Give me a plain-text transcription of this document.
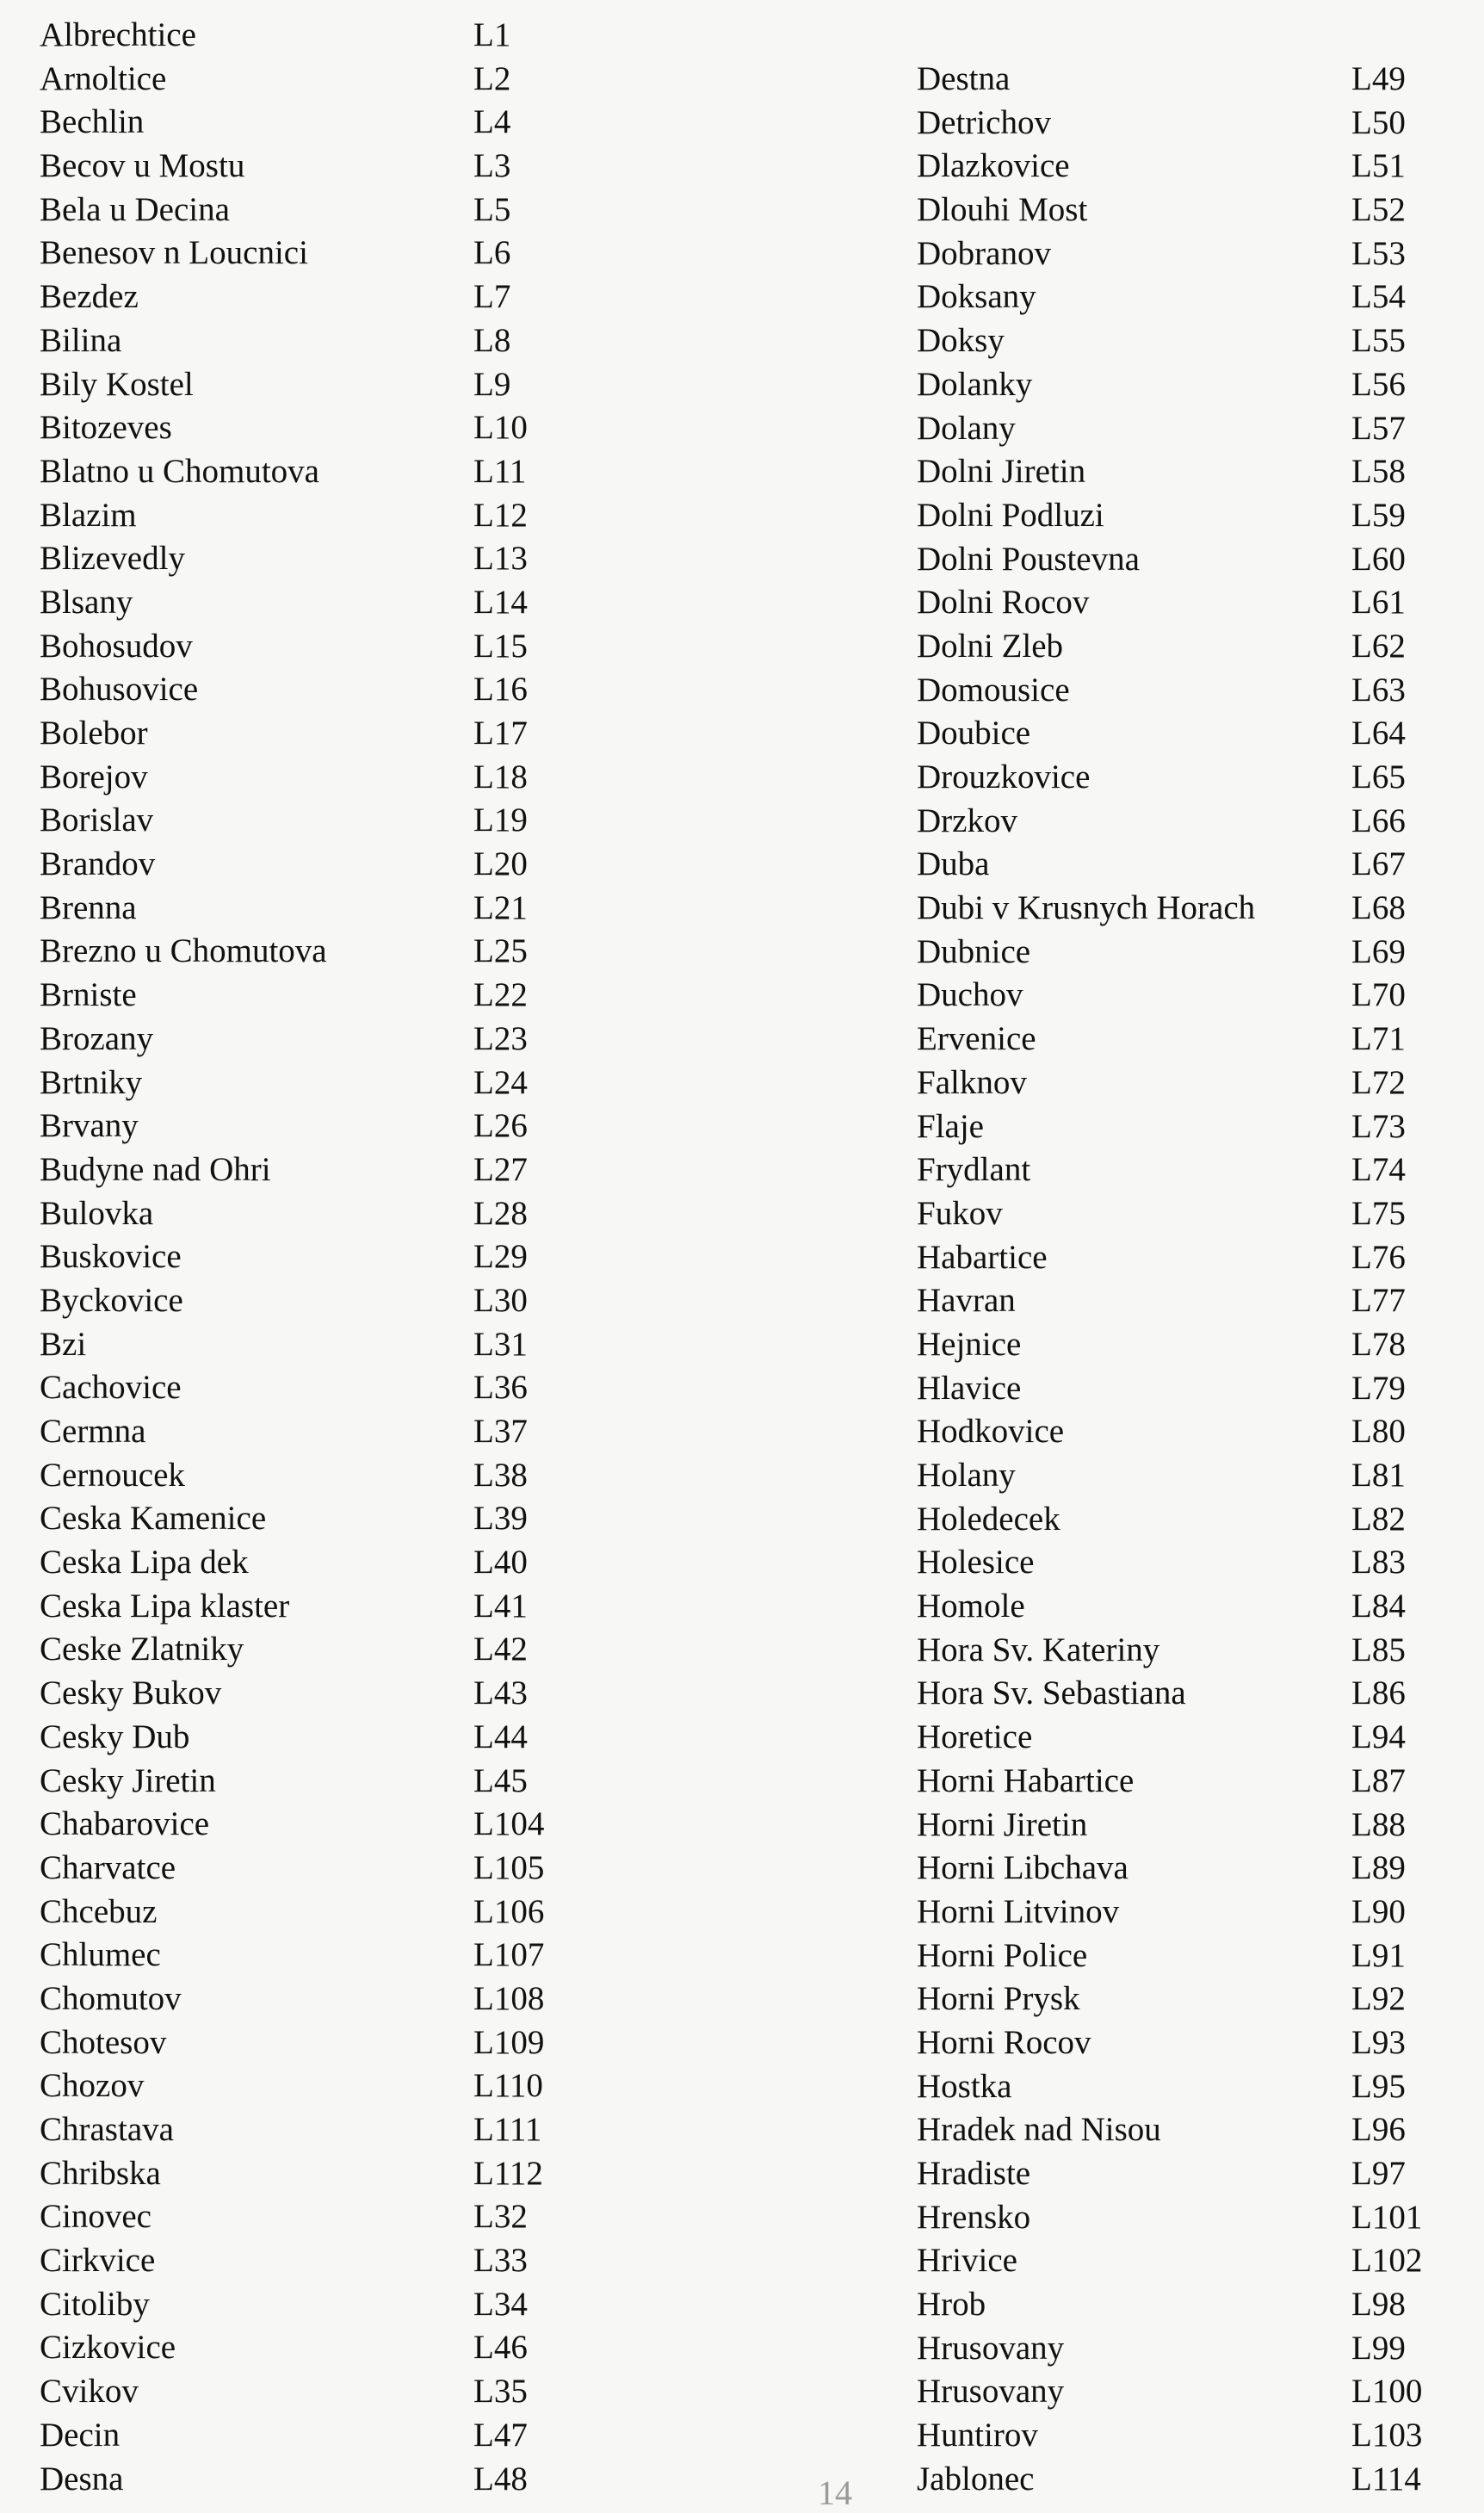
Albrechtice	L1
Arnoltice	L2
Bechlin	L4
Becov u Mostu	L3
Bela u Decina	L5
Benesov n Loucnici	L6
Bezdez	L7
Bilina	L8
Bily Kostel	L9
Bitozeves	L10
Blatno u Chomutova	L11
Blazim	L12
Blizevedly	L13
Blsany	L14
Bohosudov	L15
Bohusovice	L16
Bolebor	L17
Borejov	L18
Borislav	L19
Brandov	L20
Brenna	L21
Brezno u Chomutova	L25
Brniste	L22
Brozany	L23
Brtniky	L24
Brvany	L26
Budyne nad Ohri	L27
Bulovka	L28
Buskovice	L29
Byckovice	L30
Bzi	L31
Cachovice	L36
Cermna	L37
Cernoucek	L38
Ceska Kamenice	L39
Ceska Lipa dek	L40
Ceska Lipa klaster	L41
Ceske Zlatniky	L42
Cesky Bukov	L43
Cesky Dub	L44
Cesky Jiretin	L45
Chabarovice	L104
Charvatce	L105
Chcebuz	L106
Chlumec	L107
Chomutov	L108
Chotesov	L109
Chozov	L110
Chrastava	L111
Chribska	L112
Cinovec	L32
Cirkvice	L33
Citoliby	L34
Cizkovice	L46
Cvikov	L35
Decin	L47
Desna	L48
Destna	L49
Detrichov	L50
Dlazkovice	L51
Dlouhi Most	L52
Dobranov	L53
Doksany	L54
Doksy	L55
Dolanky	L56
Dolany	L57
Dolni Jiretin	L58
Dolni Podluzi	L59
Dolni Poustevna	L60
Dolni Rocov	L61
Dolni Zleb	L62
Domousice	L63
Doubice	L64
Drouzkovice	L65
Drzkov	L66
Duba	L67
Dubi v Krusnych Horach	L68
Dubnice	L69
Duchov	L70
Ervenice	L71
Falknov	L72
Flaje	L73
Frydlant	L74
Fukov	L75
Habartice	L76
Havran	L77
Hejnice	L78
Hlavice	L79
Hodkovice	L80
Holany	L81
Holedecek	L82
Holesice	L83
Homole	L84
Hora Sv. Kateriny	L85
Hora Sv. Sebastiana	L86
Horetice	L94
Horni Habartice	L87
Horni Jiretin	L88
Horni Libchava	L89
Horni Litvinov	L90
Horni Police	L91
Horni Prysk	L92
Horni Rocov	L93
Hostka	L95
Hradek nad Nisou	L96
Hradiste	L97
Hrensko	L101
Hrivice	L102
Hrob	L98
Hrusovany	L99
Hrusovany	L100
Huntirov	L103
Jablonec	L114
14
